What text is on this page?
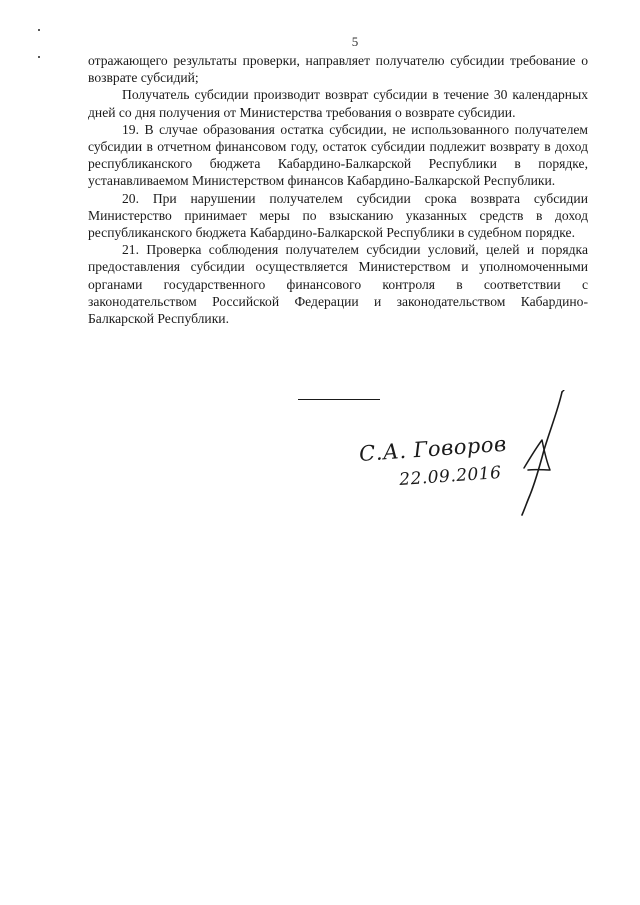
5

отражающего результаты проверки, направляет получателю субсидии требование о возврате субсидий;

Получатель субсидии производит возврат субсидии в течение 30 календарных дней со дня получения от Министерства требования о возврате субсидии.

19. В случае образования остатка субсидии, не использованного получателем субсидии в отчетном финансовом году, остаток субсидии подлежит возврату в доход республиканского бюджета Кабардино-Балкарской Республики в порядке, устанавливаемом Министерством финансов Кабардино-Балкарской Республики.

20. При нарушении получателем субсидии срока возврата субсидии Министерство принимает меры по взысканию указанных средств в доход республиканского бюджета Кабардино-Балкарской Республики в судебном порядке.

21. Проверка соблюдения получателем субсидии условий, целей и порядка предоставления субсидии осуществляется Министерством и уполномоченными органами государственного финансового контроля в соответствии с законодательством Российской Федерации и законодательством Кабардино-Балкарской Республики.

С.А. Говоров
22.09.2016
